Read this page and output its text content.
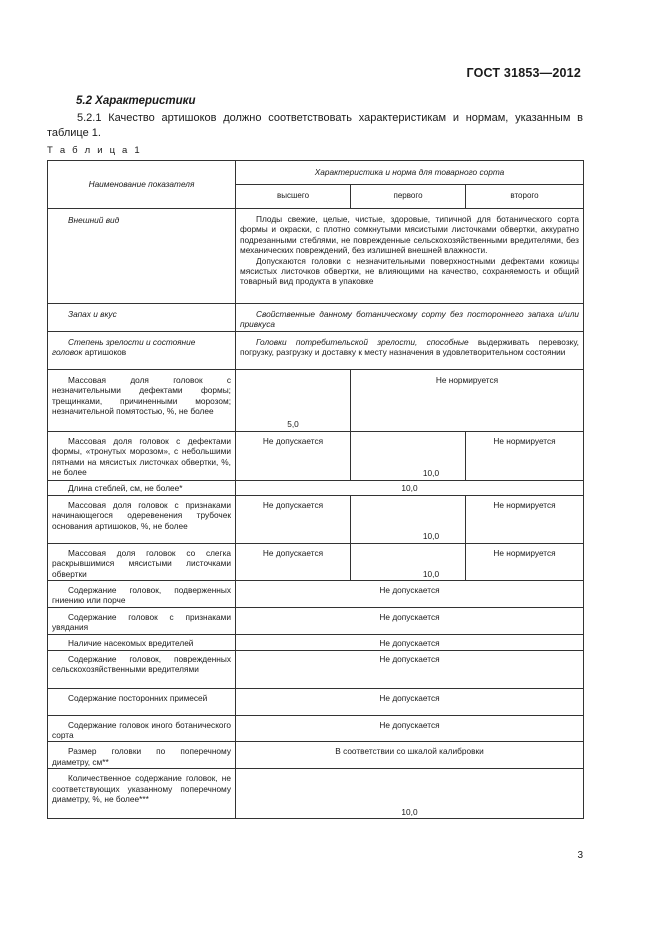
ГОСТ 31853—2012
5.2 Характеристики
5.2.1 Качество артишоков должно соответствовать характеристикам и нормам, указанным в таблице 1.
Т а б л и ц а 1
Наименование показателя	Характеристика и норма для товарного сорта		
	высшего	первого	второго
Внешний вид	Плоды свежие, целые, чистые, здоровые, типичной для ботанического сорта формы и окраски, с плотно сомкнутыми мясистыми листочками обвертки, аккуратно подрезанными стеблями, не поврежденные сельскохозяйственными вредителями, без механических повреждений, без излишней внешней влажности.
Допускаются головки с незначительными поверхностными дефектами кожицы мясистых листочков обвертки, не влияющими на качество, сохраняемость и общий товарный вид продукта в упаковке		

Запах и вкус	Свойственные данному ботаническому сорту без постороннего запаха и/или привкуса		
Степень зрелости и состояние
головок артишоков	Головки потребительской зрелости, способные выдерживать перевозку, погрузку, разгрузку и доставку к месту назначения в удовлетворительном состоянии		
Массовая доля головок с незначительными дефектами формы; трещинками, причиненными морозом; незначительной помятостью, %, не более	5,0	Не нормируется	
Массовая доля головок с дефектами формы, «тронутых морозом», с небольшими пятнами на мясистых листочках обвертки, %, не более	Не допускается	10,0	Не нормируется
Длина стеблей, см, не более*	10,0		
Массовая доля головок с признаками начинающегося одеревенения трубочек основания артишоков, %, не более	Не допускается	10,0	Не нормируется
Массовая доля головок со слегка раскрывшимися мясистыми листочками обвертки	Не допускается	10,0	Не нормируется
Содержание головок, подверженных гниению или порче	Не допускается		
Содержание головок с признаками увядания	Не допускается		
Наличие насекомых вредителей	Не допускается		
Содержание головок, поврежденных сельскохозяйственными вредителями	Не допускается		
Содержание посторонних примесей	Не допускается		
Содержание головок иного ботанического сорта	Не допускается		
Размер головки по поперечному диаметру, см**	В соответствии со шкалой калибровки		
Количественное содержание головок, не соответствующих указанному поперечному диаметру, %, не более***	10,0		
3
